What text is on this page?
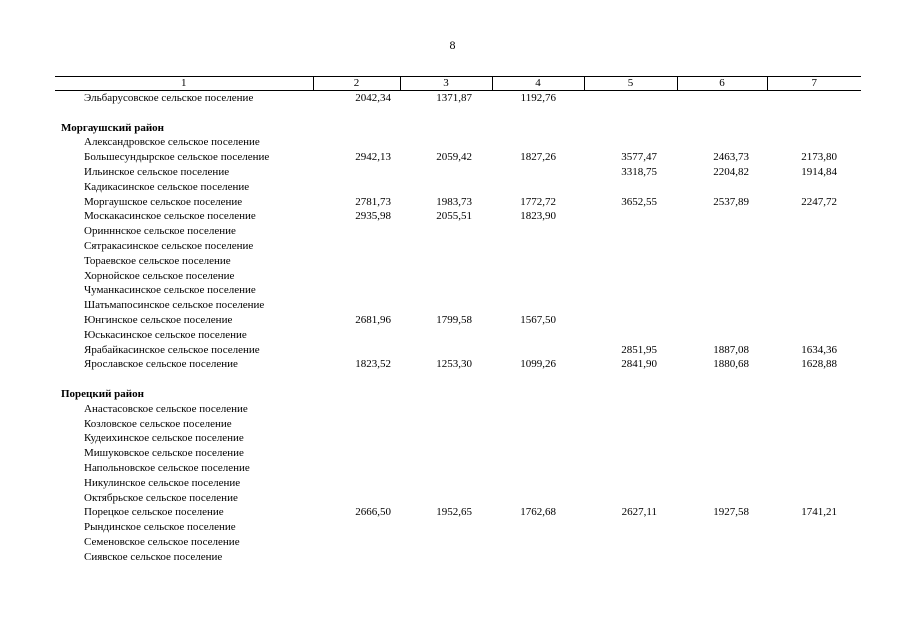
8
1	2	3	4	5	6	7
Эльбарусовское сельское поселение	2042,34	1371,87	1192,76			

Моргаушский район						
Александровское сельское поселение						
Большесундырское сельское поселение	2942,13	2059,42	1827,26	3577,47	2463,73	2173,80
Ильинское сельское поселение				3318,75	2204,82	1914,84
Кадикасинское сельское поселение						
Моргаушское сельское поселение	2781,73	1983,73	1772,72	3652,55	2537,89	2247,72
Москакасинское сельское поселение	2935,98	2055,51	1823,90			
Оринннское сельское поселение						
Сятракасинское сельское поселение						
Тораевское сельское поселение						
Хорнойское сельское поселение						
Чуманкасинское сельское поселение						
Шатьмапосинское сельское поселение						
Юнгинское сельское поселение	2681,96	1799,58	1567,50			
Юськасинское сельское поселение						
Ярабайкасинское сельское поселение				2851,95	1887,08	1634,36
Ярославское сельское поселение	1823,52	1253,30	1099,26	2841,90	1880,68	1628,88

Порецкий район						
Анастасовское сельское поселение						
Козловское сельское поселение						
Кудеихинское сельское поселение						
Мишуковское сельское поселение						
Напольновское сельское поселение						
Никулинское сельское поселение						
Октябрьское сельское поселение						
Порецкое сельское поселение	2666,50	1952,65	1762,68	2627,11	1927,58	1741,21
Рындинское сельское поселение						
Семеновское сельское поселение						
Сиявское сельское поселение						
